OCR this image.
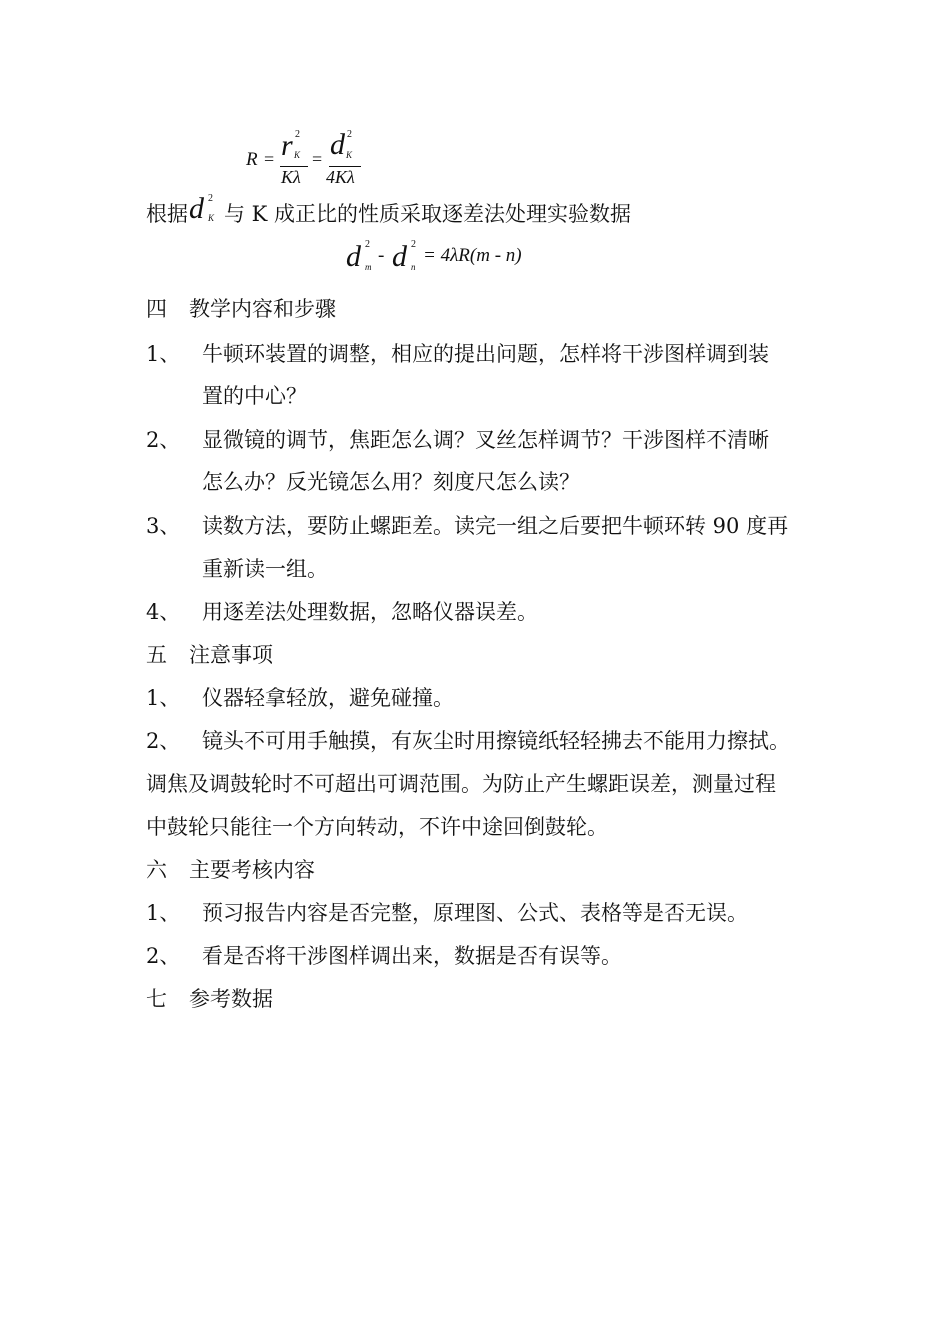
R = r 2
K
Kλ
= d 2
K
4Kλ
根据 d 2
K 与 K 成正比的性质采取逐差法处理实验数据
d 2
m
- d 2
n
= 4λR(m - n)
四 教学内容和步骤
1、 牛顿环装置的调整，相应的提出问题，怎样将干涉图样调到装
置的中心？
2、 显微镜的调节，焦距怎么调？叉丝怎样调节？干涉图样不清晰
怎么办？反光镜怎么用？刻度尺怎么读？
3、 读数方法，要防止螺距差。读完一组之后要把牛顿环转 90 度再
重新读一组。
4、 用逐差法处理数据，忽略仪器误差。
五 注意事项
1、 仪器轻拿轻放，避免碰撞。
2、 镜头不可用手触摸，有灰尘时用擦镜纸轻轻拂去不能用力擦拭。
调焦及调鼓轮时不可超出可调范围。为防止产生螺距误差，测量过程
中鼓轮只能往一个方向转动，不许中途回倒鼓轮。
六 主要考核内容
1、 预习报告内容是否完整，原理图、公式、表格等是否无误。
2、 看是否将干涉图样调出来，数据是否有误等。
七 参考数据
